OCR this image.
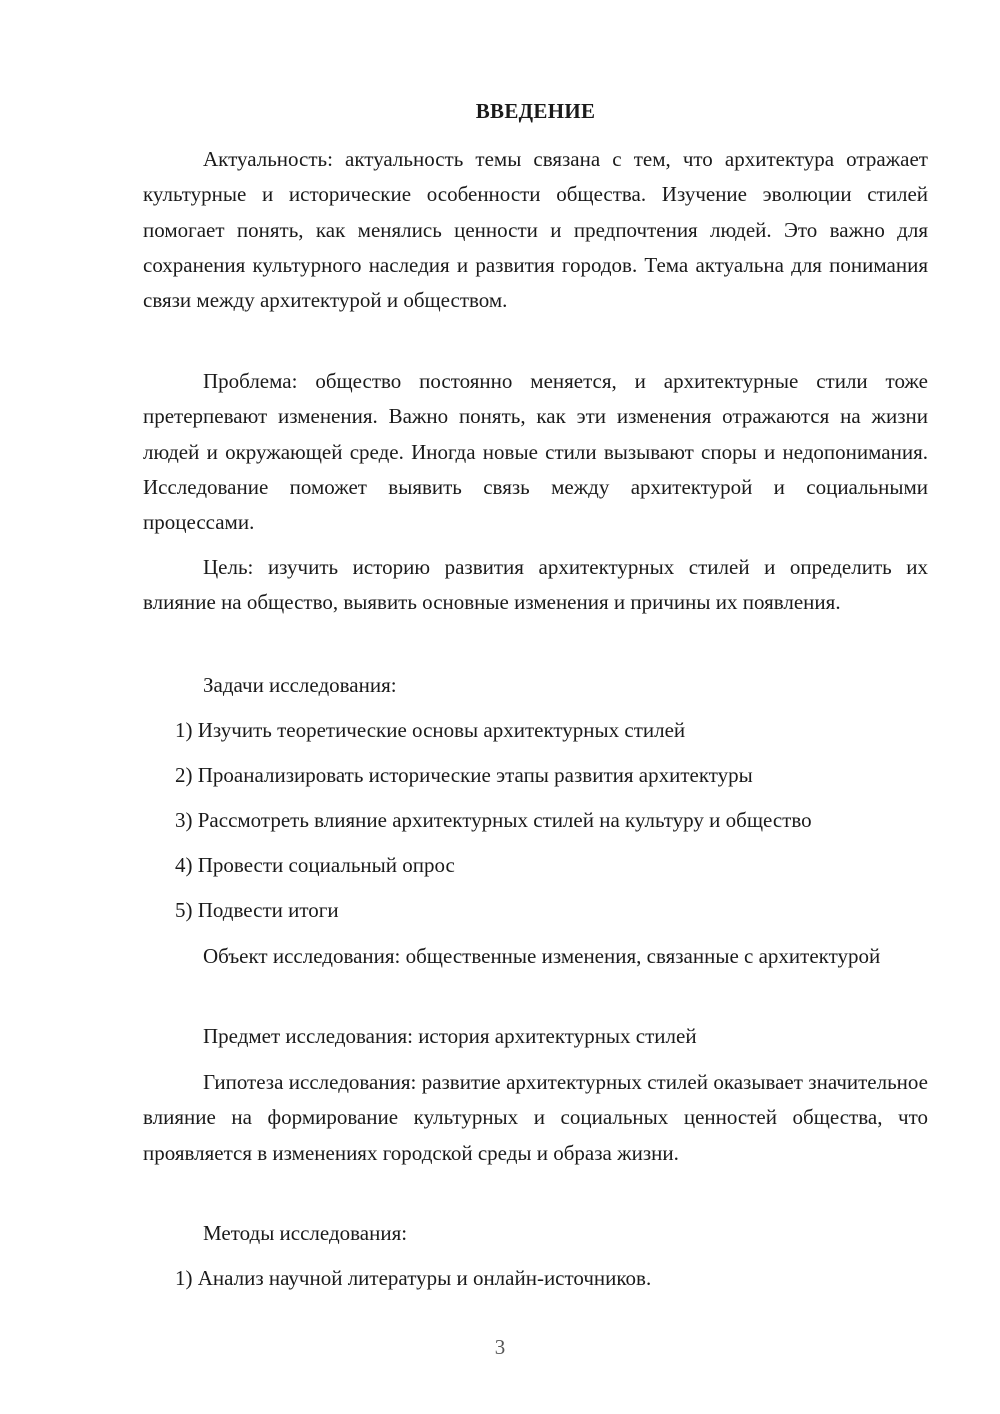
ВВЕДЕНИЕ

Актуальность: актуальность темы связана с тем, что архитектура отражает культурные и исторические особенности общества. Изучение эволюции стилей помогает понять, как менялись ценности и предпочтения людей. Это важно для сохранения культурного наследия и развития городов. Тема актуальна для понимания связи между архитектурой и обществом.

Проблема: общество постоянно меняется, и архитектурные стили тоже претерпевают изменения. Важно понять, как эти изменения отражаются на жизни людей и окружающей среде. Иногда новые стили вызывают споры и недопонимания. Исследование поможет выявить связь между архитектурой и социальными процессами.

Цель: изучить историю развития архитектурных стилей и определить их влияние на общество, выявить основные изменения и причины их появления.

Задачи исследования:

1) Изучить теоретические основы архитектурных стилей

2) Проанализировать исторические этапы развития архитектуры

3) Рассмотреть влияние архитектурных стилей на культуру и общество

4) Провести социальный опрос

5) Подвести итоги

Объект исследования: общественные изменения, связанные с архитектурой

Предмет исследования: история архитектурных стилей

Гипотеза исследования: развитие архитектурных стилей оказывает значительное влияние на формирование культурных и социальных ценностей общества, что проявляется в изменениях городской среды и образа жизни.

Методы исследования:

1) Анализ научной литературы и онлайн-источников.

3
